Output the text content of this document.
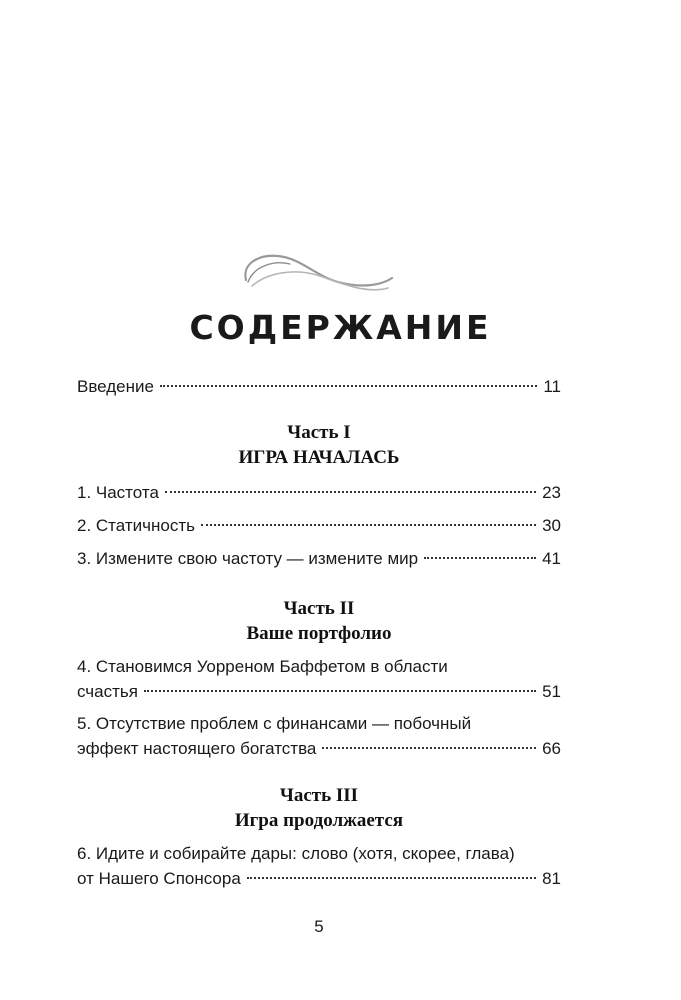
СОДЕРЖАНИЕ
Введение	11
Часть I
ИГРА НАЧАЛАСЬ
1. Частота	23
2. Статичность	30
3. Измените свою частоту — измените мир	41
Часть II
Ваше портфолио
4. Становимся Уорреном Баффетом в области
счастья	51
5. Отсутствие проблем с финансами — побочный
эффект настоящего богатства	66
Часть III
Игра продолжается
6. Идите и собирайте дары: слово (хотя, скорее, глава)
от Нашего Спонсора	81
5
